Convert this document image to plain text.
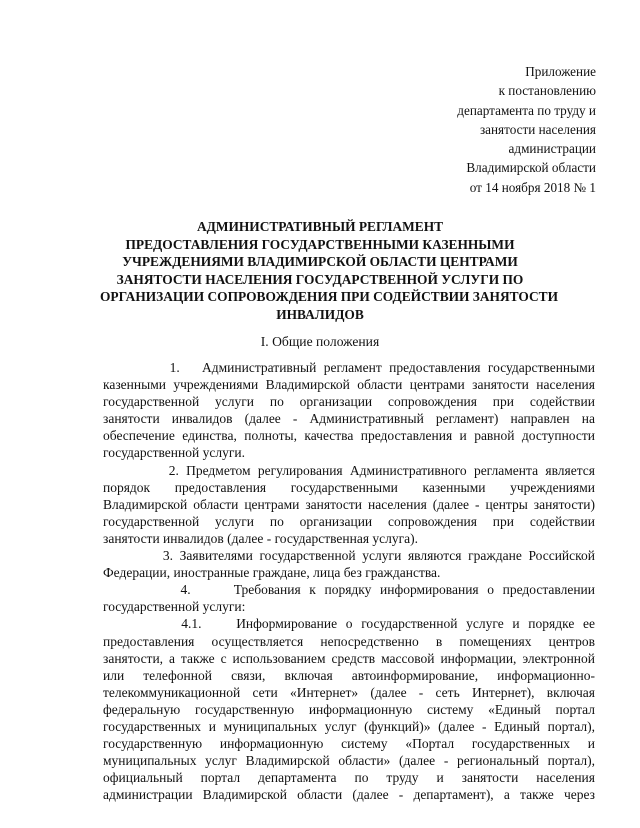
Приложение
к постановлению
департамента по труду и
занятости населения
администрации
Владимирской области
от 14 ноября 2018 № 1
АДМИНИСТРАТИВНЫЙ РЕГЛАМЕНТ
ПРЕДОСТАВЛЕНИЯ ГОСУДАРСТВЕННЫМИ КАЗЕННЫМИ
УЧРЕЖДЕНИЯМИ ВЛАДИМИРСКОЙ ОБЛАСТИ ЦЕНТРАМИ
ЗАНЯТОСТИ НАСЕЛЕНИЯ ГОСУДАРСТВЕННОЙ УСЛУГИ ПО
ОРГАНИЗАЦИИ СОПРОВОЖДЕНИЯ ПРИ СОДЕЙСТВИИ ЗАНЯТОСТИ
ИНВАЛИДОВ
I. Общие положения
1.   Административный регламент предоставления государственными
казенными учреждениями Владимирской области центрами занятости населения
государственной услуги по организации сопровождения при содействии
занятости инвалидов (далее - Административный регламент) направлен на
обеспечение единства, полноты, качества предоставления и равной доступности
государственной услуги.
2. Предметом регулирования Административного регламента является
порядок предоставления государственными казенными учреждениями
Владимирской области центрами занятости населения (далее - центры занятости)
государственной услуги по организации сопровождения при содействии
занятости инвалидов (далее - государственная услуга).
3. Заявителями государственной услуги являются граждане Российской
Федерации, иностранные граждане, лица без гражданства.
4.     Требования к порядку информирования о предоставлении
государственной услуги:
4.1.    Информирование о государственной услуге и порядке ее
предоставления осуществляется непосредственно в помещениях центров
занятости, а также с использованием средств массовой информации, электронной
или телефонной связи, включая автоинформирование, информационно-
телекоммуникационной сети «Интернет» (далее - сеть Интернет), включая
федеральную государственную информационную систему «Единый портал
государственных и муниципальных услуг (функций)» (далее - Единый портал),
государственную информационную систему «Портал государственных и
муниципальных услуг Владимирской области» (далее - региональный портал),
официальный портал департамента по труду и занятости населения
администрации Владимирской области (далее - департамент), а также через
